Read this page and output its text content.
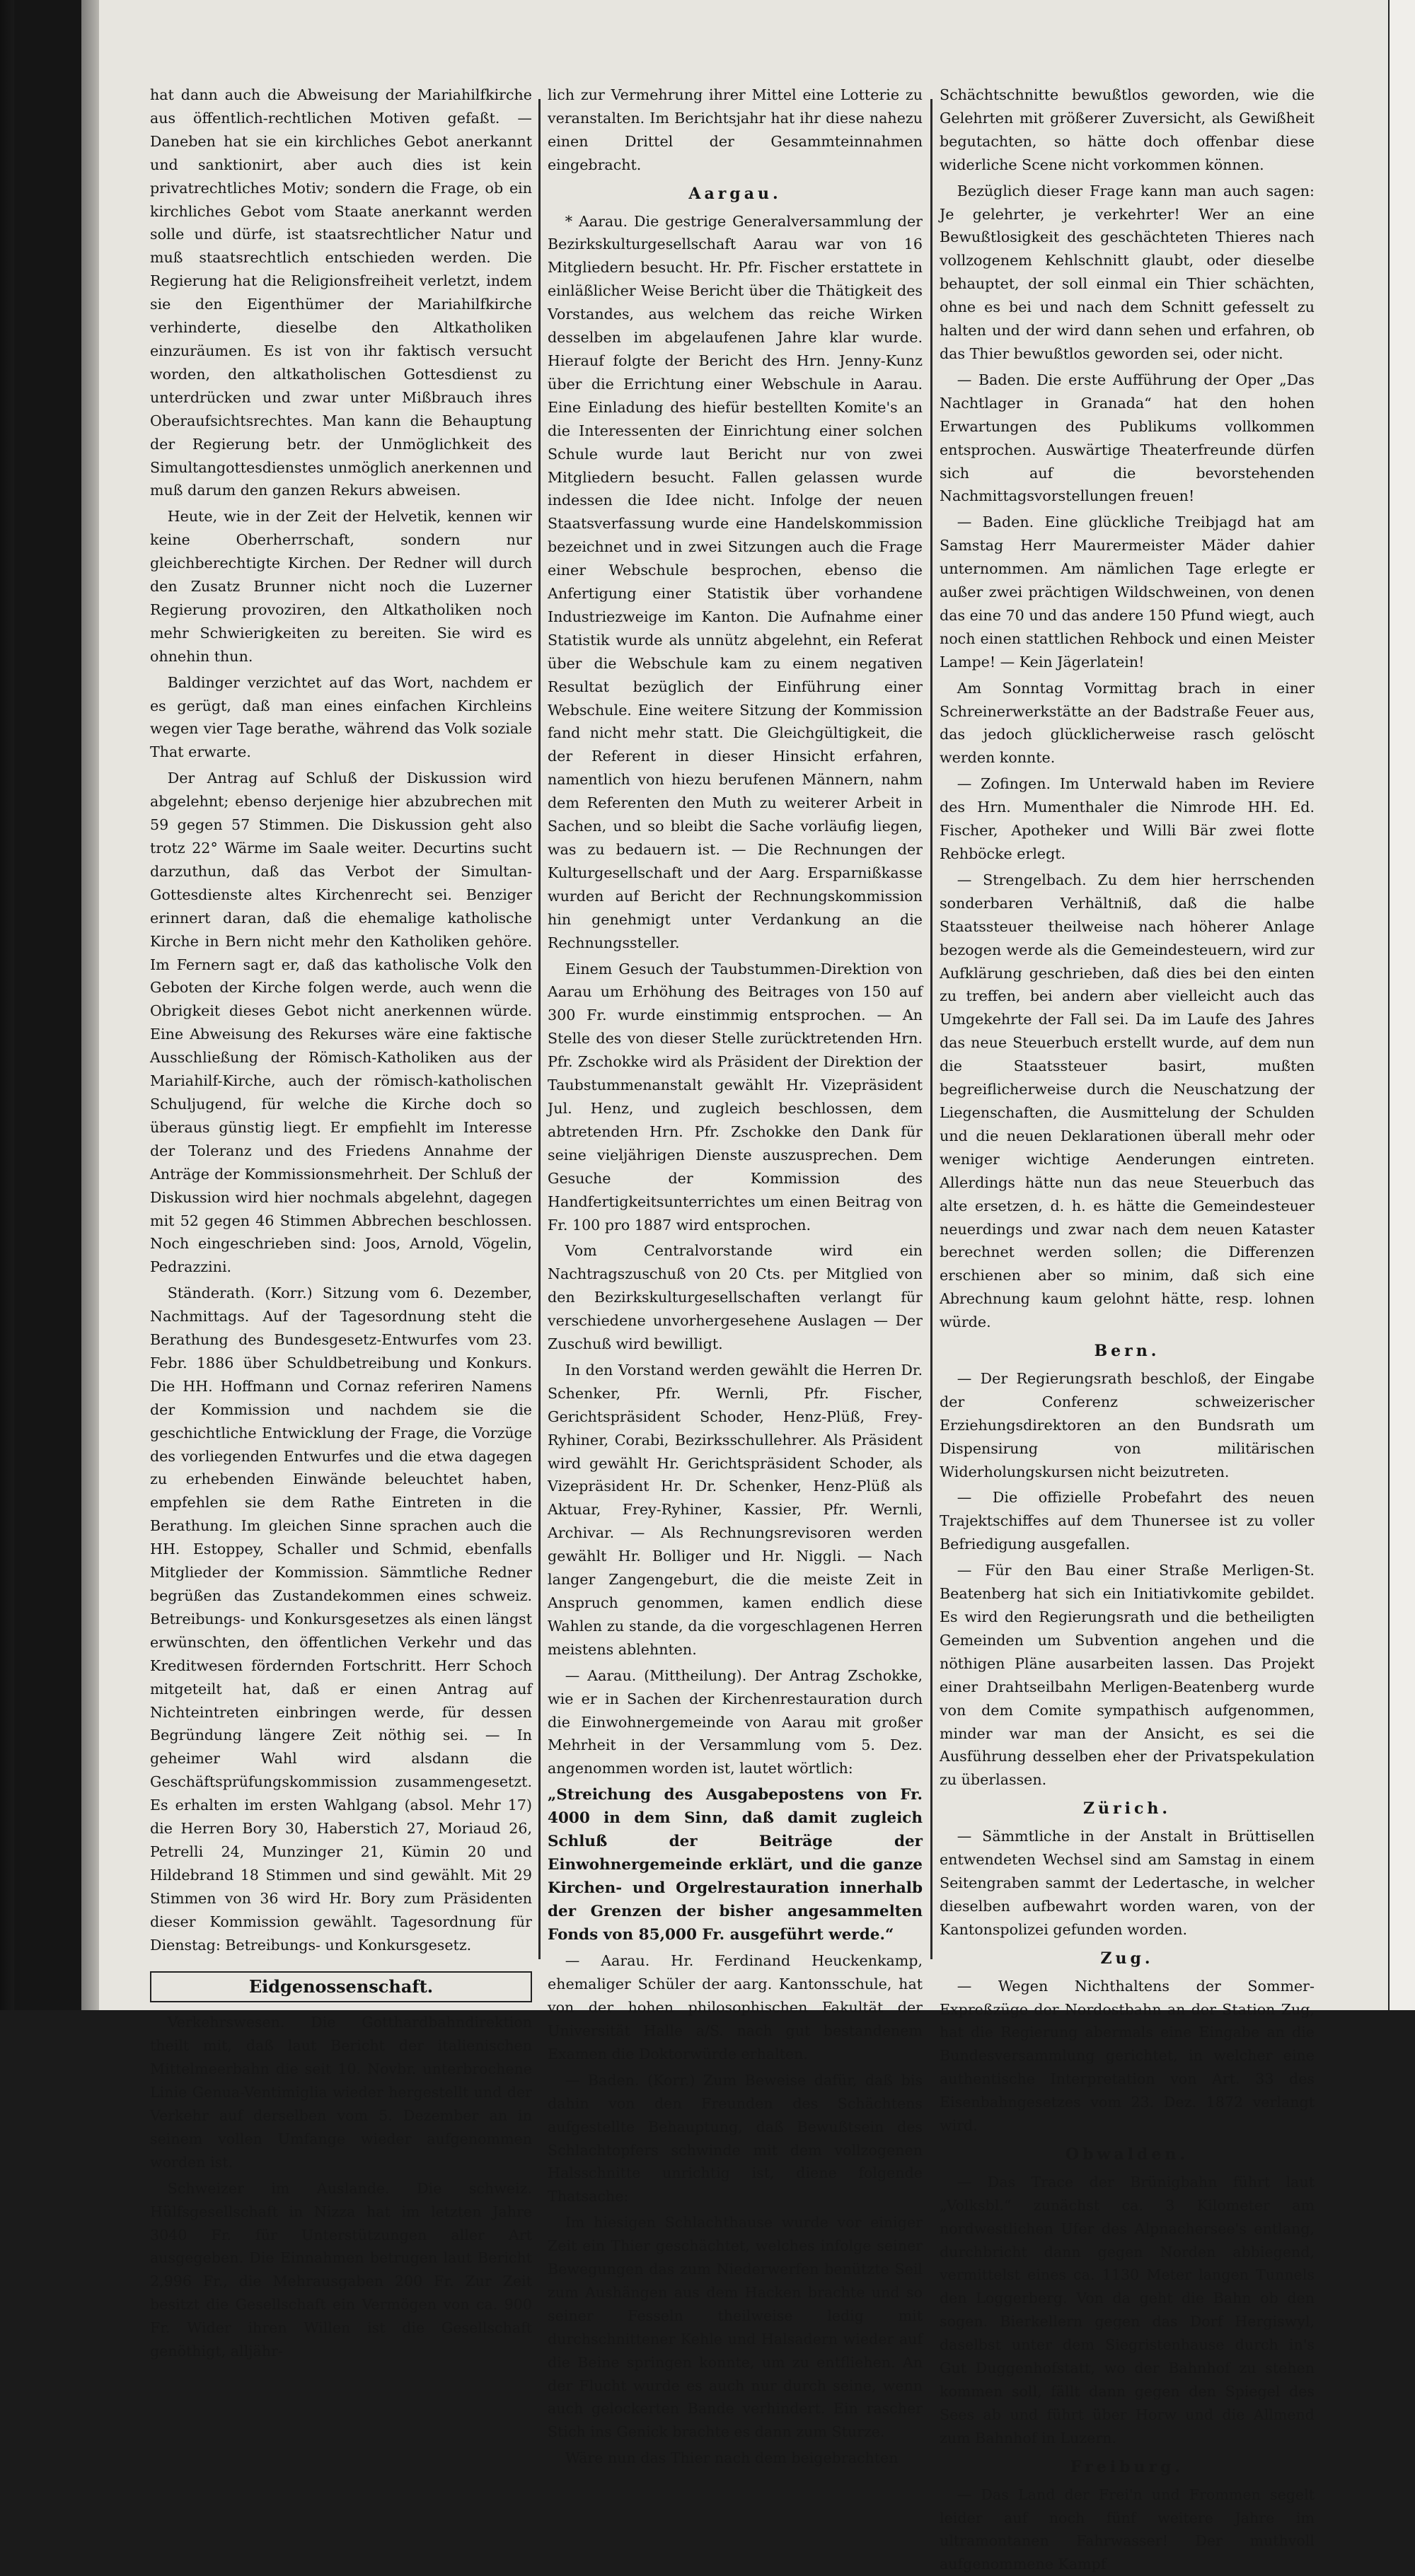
hat dann auch die Abweisung der Mariahilfkirche aus öffentlich-rechtlichen Motiven gefaßt. — Daneben hat sie ein kirchliches Gebot anerkannt und sanktionirt, aber auch dies ist kein privatrechtliches Motiv; sondern die Frage, ob ein kirchliches Gebot vom Staate anerkannt werden solle und dürfe, ist staatsrechtlicher Natur und muß staatsrechtlich entschieden werden. Die Regierung hat die Religionsfreiheit verletzt, indem sie den Eigenthümer der Mariahilfkirche verhinderte, dieselbe den Altkatholiken einzuräumen. Es ist von ihr faktisch versucht worden, den altkatholischen Gottesdienst zu unterdrücken und zwar unter Mißbrauch ihres Oberaufsichtsrechtes. Man kann die Behauptung der Regierung betr. der Unmöglichkeit des Simultangottesdienstes unmöglich anerkennen und muß darum den ganzen Rekurs abweisen.

Heute, wie in der Zeit der Helvetik, kennen wir keine Oberherrschaft, sondern nur gleichberechtigte Kirchen. Der Redner will durch den Zusatz Brunner nicht noch die Luzerner Regierung provoziren, den Altkatholiken noch mehr Schwierigkeiten zu bereiten. Sie wird es ohnehin thun.

Baldinger verzichtet auf das Wort, nachdem er es gerügt, daß man eines einfachen Kirchleins wegen vier Tage berathe, während das Volk soziale That erwarte.

Der Antrag auf Schluß der Diskussion wird abgelehnt; ebenso derjenige hier abzubrechen mit 59 gegen 57 Stimmen. Die Diskussion geht also trotz 22° Wärme im Saale weiter. Decurtins sucht darzuthun, daß das Verbot der Simultan-Gottesdienste altes Kirchenrecht sei. Benziger erinnert daran, daß die ehemalige katholische Kirche in Bern nicht mehr den Katholiken gehöre. Im Fernern sagt er, daß das katholische Volk den Geboten der Kirche folgen werde, auch wenn die Obrigkeit dieses Gebot nicht anerkennen würde. Eine Abweisung des Rekurses wäre eine faktische Ausschließung der Römisch-Katholiken aus der Mariahilf-Kirche, auch der römisch-katholischen Schuljugend, für welche die Kirche doch so überaus günstig liegt. Er empfiehlt im Interesse der Toleranz und des Friedens Annahme der Anträge der Kommissionsmehrheit. Der Schluß der Diskussion wird hier nochmals abgelehnt, dagegen mit 52 gegen 46 Stimmen Abbrechen beschlossen. Noch eingeschrieben sind: Joos, Arnold, Vögelin, Pedrazzini.

Ständerath. (Korr.) Sitzung vom 6. Dezember, Nachmittags. Auf der Tagesordnung steht die Berathung des Bundesgesetz-Entwurfes vom 23. Febr. 1886 über Schuldbetreibung und Konkurs. Die HH. Hoffmann und Cornaz referiren Namens der Kommission und nachdem sie die geschichtliche Entwicklung der Frage, die Vorzüge des vorliegenden Entwurfes und die etwa dagegen zu erhebenden Einwände beleuchtet haben, empfehlen sie dem Rathe Eintreten in die Berathung. Im gleichen Sinne sprachen auch die HH. Estoppey, Schaller und Schmid, ebenfalls Mitglieder der Kommission. Sämmtliche Redner begrüßen das Zustandekommen eines schweiz. Betreibungs- und Konkursgesetzes als einen längst erwünschten, den öffentlichen Verkehr und das Kreditwesen fördernden Fortschritt. Herr Schoch mitgeteilt hat, daß er einen Antrag auf Nichteintreten einbringen werde, für dessen Begründung längere Zeit nöthig sei. — In geheimer Wahl wird alsdann die Geschäftsprüfungskommission zusammengesetzt. Es erhalten im ersten Wahlgang (absol. Mehr 17) die Herren Bory 30, Haberstich 27, Moriaud 26, Petrelli 24, Munzinger 21, Kümin 20 und Hildebrand 18 Stimmen und sind gewählt. Mit 29 Stimmen von 36 wird Hr. Bory zum Präsidenten dieser Kommission gewählt. Tagesordnung für Dienstag: Betreibungs- und Konkursgesetz.

Eidgenossenschaft.

Verkehrswesen. Die Gotthardbahndirektion theilt mit, daß laut Bericht der italienischen Mittelmeerbahn die seit 10. Novbr. unterbrochene Linie Genua-Ventimiglia wieder hergestellt und der Verkehr auf derselben vom 5. Dezember an in seinem vollen Umfange wieder aufgenommen worden ist.

Schweizer im Auslande. Die schweiz. Hülfsgesellschaft in Nizza hat im letzten Jahre 3040 Fr. für Unterstützungen aller Art ausgegeben. Die Einnahmen betrugen laut Bericht 2,996 Fr., die Mehrausgaben 200 Fr. Zur Zeit besitzt die Gesellschaft ein Vermögen von ca. 900 Fr. Wider ihren Willen ist die Gesellschaft genöthigt, alljähr-

lich zur Vermehrung ihrer Mittel eine Lotterie zu veranstalten. Im Berichtsjahr hat ihr diese nahezu einen Drittel der Gesammteinnahmen eingebracht.

Aargau.

* Aarau. Die gestrige Generalversammlung der Bezirkskulturgesellschaft Aarau war von 16 Mitgliedern besucht. Hr. Pfr. Fischer erstattete in einläßlicher Weise Bericht über die Thätigkeit des Vorstandes, aus welchem das reiche Wirken desselben im abgelaufenen Jahre klar wurde. Hierauf folgte der Bericht des Hrn. Jenny-Kunz über die Errichtung einer Webschule in Aarau. Eine Einladung des hiefür bestellten Komite's an die Interessenten der Einrichtung einer solchen Schule wurde laut Bericht nur von zwei Mitgliedern besucht. Fallen gelassen wurde indessen die Idee nicht. Infolge der neuen Staatsverfassung wurde eine Handelskommission bezeichnet und in zwei Sitzungen auch die Frage einer Webschule besprochen, ebenso die Anfertigung einer Statistik über vorhandene Industriezweige im Kanton. Die Aufnahme einer Statistik wurde als unnütz abgelehnt, ein Referat über die Webschule kam zu einem negativen Resultat bezüglich der Einführung einer Webschule. Eine weitere Sitzung der Kommission fand nicht mehr statt. Die Gleichgültigkeit, die der Referent in dieser Hinsicht erfahren, namentlich von hiezu berufenen Männern, nahm dem Referenten den Muth zu weiterer Arbeit in Sachen, und so bleibt die Sache vorläufig liegen, was zu bedauern ist. — Die Rechnungen der Kulturgesellschaft und der Aarg. Ersparnißkasse wurden auf Bericht der Rechnungskommission hin genehmigt unter Verdankung an die Rechnungssteller.

Einem Gesuch der Taubstummen-Direktion von Aarau um Erhöhung des Beitrages von 150 auf 300 Fr. wurde einstimmig entsprochen. — An Stelle des von dieser Stelle zurücktretenden Hrn. Pfr. Zschokke wird als Präsident der Direktion der Taubstummenanstalt gewählt Hr. Vizepräsident Jul. Henz, und zugleich beschlossen, dem abtretenden Hrn. Pfr. Zschokke den Dank für seine vieljährigen Dienste auszusprechen. Dem Gesuche der Kommission des Handfertigkeitsunterrichtes um einen Beitrag von Fr. 100 pro 1887 wird entsprochen.

Vom Centralvorstande wird ein Nachtragszuschuß von 20 Cts. per Mitglied von den Bezirkskulturgesellschaften verlangt für verschiedene unvorhergesehene Auslagen — Der Zuschuß wird bewilligt.

In den Vorstand werden gewählt die Herren Dr. Schenker, Pfr. Wernli, Pfr. Fischer, Gerichtspräsident Schoder, Henz-Plüß, Frey-Ryhiner, Corabi, Bezirksschullehrer. Als Präsident wird gewählt Hr. Gerichtspräsident Schoder, als Vizepräsident Hr. Dr. Schenker, Henz-Plüß als Aktuar, Frey-Ryhiner, Kassier, Pfr. Wernli, Archivar. — Als Rechnungsrevisoren werden gewählt Hr. Bolliger und Hr. Niggli. — Nach langer Zangengeburt, die die meiste Zeit in Anspruch genommen, kamen endlich diese Wahlen zu stande, da die vorgeschlagenen Herren meistens ablehnten.

— Aarau. (Mittheilung). Der Antrag Zschokke, wie er in Sachen der Kirchenrestauration durch die Einwohnergemeinde von Aarau mit großer Mehrheit in der Versammlung vom 5. Dez. angenommen worden ist, lautet wörtlich:

„Streichung des Ausgabepostens von Fr. 4000 in dem Sinn, daß damit zugleich Schluß der Beiträge der Einwohnergemeinde erklärt, und die ganze Kirchen- und Orgelrestauration innerhalb der Grenzen der bisher angesammelten Fonds von 85,000 Fr. ausgeführt werde.“

— Aarau. Hr. Ferdinand Heuckenkamp, ehemaliger Schüler der aarg. Kantonsschule, hat von der hohen philosophischen Fakultät der Universität Halle a/S. nach gut bestandenem Examen die Doktorwürde erhalten.

— Baden. (Korr.) Zum Beweise dafür, daß bis dahin von den Freunden des Schächtens aufgestellte Behauptung, daß Bewußtsein des Schlachtopfers schwinde mit dem vollzogenen Halsschnitte unrichtig ist, diene folgende Thatsache:

Im hiesigen Schlachthause wurde vor einiger Zeit ein Thier geschächtet, welches infolge seiner Bewegungen das zum Niederwerfen benützte Seil zum Aushängen aus dem Hacken brachte und so seiner Fesseln theilweise ledig mit durchschnittener Kehle und Halsadern wieder auf die Beine springen konnte, um zu entfliehen. An der Flucht wurde es auch nur durch seine, wenn auch gelockerten Bande verhindert. Ein rascher Stich ins Genick brachte es dann zum Sturze.

Wäre nun das Thier nach dem beigebrachten

Schächtschnitte bewußtlos geworden, wie die Gelehrten mit größerer Zuversicht, als Gewißheit begutachten, so hätte doch offenbar diese widerliche Scene nicht vorkommen können.

Bezüglich dieser Frage kann man auch sagen: Je gelehrter, je verkehrter! Wer an eine Bewußtlosigkeit des geschächteten Thieres nach vollzogenem Kehlschnitt glaubt, oder dieselbe behauptet, der soll einmal ein Thier schächten, ohne es bei und nach dem Schnitt gefesselt zu halten und der wird dann sehen und erfahren, ob das Thier bewußtlos geworden sei, oder nicht.

— Baden. Die erste Aufführung der Oper „Das Nachtlager in Granada“ hat den hohen Erwartungen des Publikums vollkommen entsprochen. Auswärtige Theaterfreunde dürfen sich auf die bevorstehenden Nachmittagsvorstellungen freuen!

— Baden. Eine glückliche Treibjagd hat am Samstag Herr Maurermeister Mäder dahier unternommen. Am nämlichen Tage erlegte er außer zwei prächtigen Wildschweinen, von denen das eine 70 und das andere 150 Pfund wiegt, auch noch einen stattlichen Rehbock und einen Meister Lampe! — Kein Jägerlatein!

Am Sonntag Vormittag brach in einer Schreinerwerkstätte an der Badstraße Feuer aus, das jedoch glücklicherweise rasch gelöscht werden konnte.

— Zofingen. Im Unterwald haben im Reviere des Hrn. Mumenthaler die Nimrode HH. Ed. Fischer, Apotheker und Willi Bär zwei flotte Rehböcke erlegt.

— Strengelbach. Zu dem hier herrschenden sonderbaren Verhältniß, daß die halbe Staatssteuer theilweise nach höherer Anlage bezogen werde als die Gemeindesteuern, wird zur Aufklärung geschrieben, daß dies bei den einten zu treffen, bei andern aber vielleicht auch das Umgekehrte der Fall sei. Da im Laufe des Jahres das neue Steuerbuch erstellt wurde, auf dem nun die Staatssteuer basirt, mußten begreiflicherweise durch die Neuschatzung der Liegenschaften, die Ausmittelung der Schulden und die neuen Deklarationen überall mehr oder weniger wichtige Aenderungen eintreten. Allerdings hätte nun das neue Steuerbuch das alte ersetzen, d. h. es hätte die Gemeindesteuer neuerdings und zwar nach dem neuen Kataster berechnet werden sollen; die Differenzen erschienen aber so minim, daß sich eine Abrechnung kaum gelohnt hätte, resp. lohnen würde.

Bern.

— Der Regierungsrath beschloß, der Eingabe der Conferenz schweizerischer Erziehungsdirektoren an den Bundsrath um Dispensirung von militärischen Widerholungskursen nicht beizutreten.

— Die offizielle Probefahrt des neuen Trajektschiffes auf dem Thunersee ist zu voller Befriedigung ausgefallen.

— Für den Bau einer Straße Merligen-St. Beatenberg hat sich ein Initiativkomite gebildet. Es wird den Regierungsrath und die betheiligten Gemeinden um Subvention angehen und die nöthigen Pläne ausarbeiten lassen. Das Projekt einer Drahtseilbahn Merligen-Beatenberg wurde von dem Comite sympathisch aufgenommen, minder war man der Ansicht, es sei die Ausführung desselben eher der Privatspekulation zu überlassen.

Zürich.

— Sämmtliche in der Anstalt in Brüttisellen entwendeten Wechsel sind am Samstag in einem Seitengraben sammt der Ledertasche, in welcher dieselben aufbewahrt worden waren, von der Kantonspolizei gefunden worden.

Zug.

— Wegen Nichthaltens der Sommer-Expreßzüge der Nordostbahn an der Station Zug, hat die Regierung abermals eine Eingabe an die Bundesversammlung gerichtet, in welcher eine authentische Interpretation von Art. 33 des Eisenbahngesetzes vom 23. Dez. 1872 verlangt wird.

Obwalden.

— Das Trace der Brünigbahn führt laut „Volksbl.“ zunächst ca. 3 Kilometer am nordwestlichen Ufer des Alpnachersee's entlang, durchbricht dann gegen Norden abbiegend, vermittelst eines ca. 1130 Meter langen Tunnels den Loggerberg. Von da geht die Bahn ob den sogen. Bierkellern gegen das Dorf Hergiswyl, daselbst unter dem Siegristenhause durch in's Gut Duggenhofstatt, wo der Bahnhof zu stehen kommen soll, fällt dann gegen den Spiegel des Sees ab und führt über Horw und die Allmend zum Bahnhof in Luzern.

Freiburg.

— Das Land der Frei'n und Frommen segelt leider auf noch fünf weitere Jahre im ultramontanen Fahrwasser! Der muthvoll aufgenommene Kampf
